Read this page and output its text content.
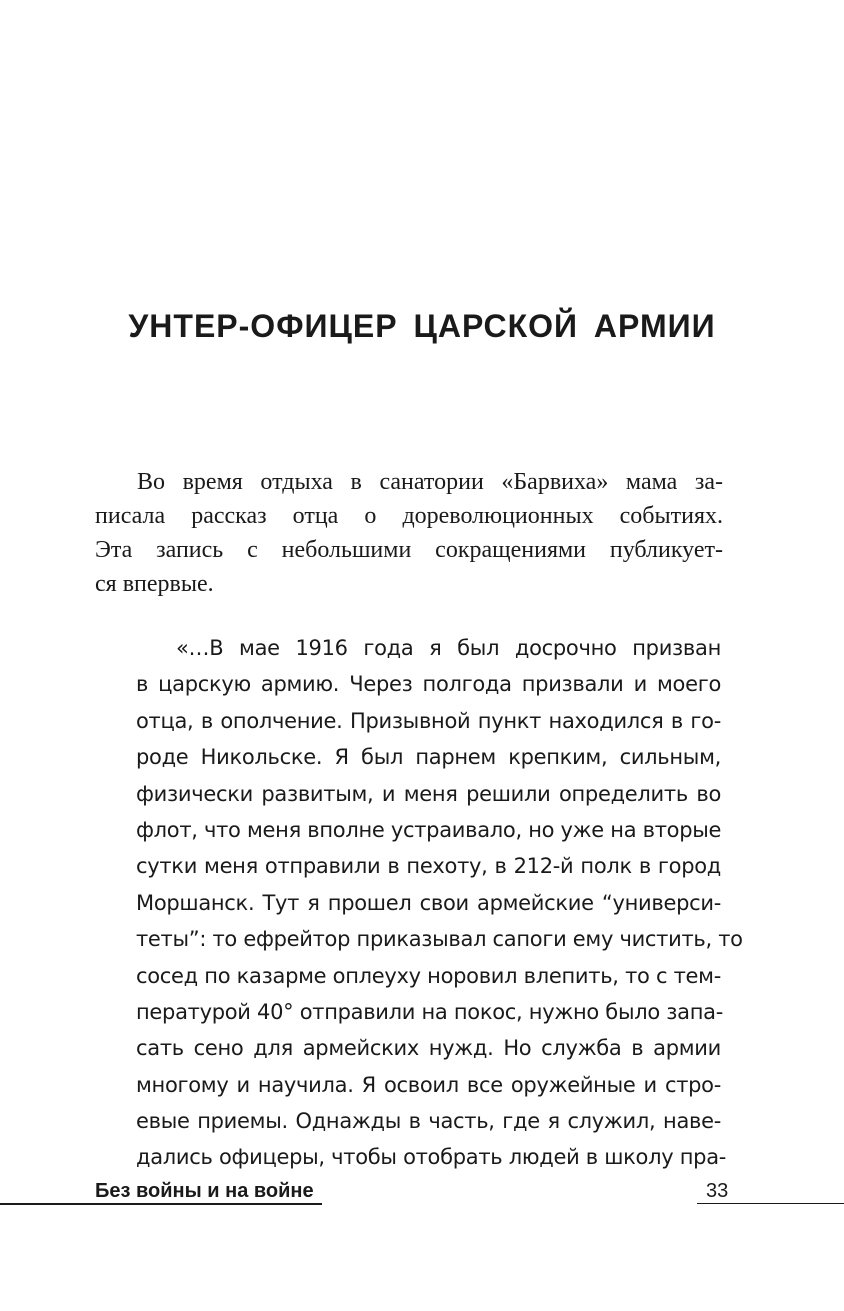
УНТЕР-ОФИЦЕР ЦАРСКОЙ АРМИИ
Во время отдыха в санатории «Барвиха» мама за-
писала рассказ отца о дореволюционных событиях.
Эта запись с небольшими сокращениями публикует-
ся впервые.
«…В мае 1916 года я был досрочно призван
в царскую армию. Через полгода призвали и моего
отца, в ополчение. Призывной пункт находился в го-
роде Никольске. Я был парнем крепким, сильным,
физически развитым, и меня решили определить во
флот, что меня вполне устраивало, но уже на вторые
сутки меня отправили в пехоту, в 212-й полк в город
Моршанск. Тут я прошел свои армейские “универси-
теты”: то ефрейтор приказывал сапоги ему чистить, то
сосед по казарме оплеуху норовил влепить, то с тем-
пературой 40° отправили на покос, нужно было запа-
сать сено для армейских нужд. Но служба в армии
многому и научила. Я освоил все оружейные и стро-
евые приемы. Однажды в часть, где я служил, наве-
дались офицеры, чтобы отобрать людей в школу пра-
Без войны и на войне	33
